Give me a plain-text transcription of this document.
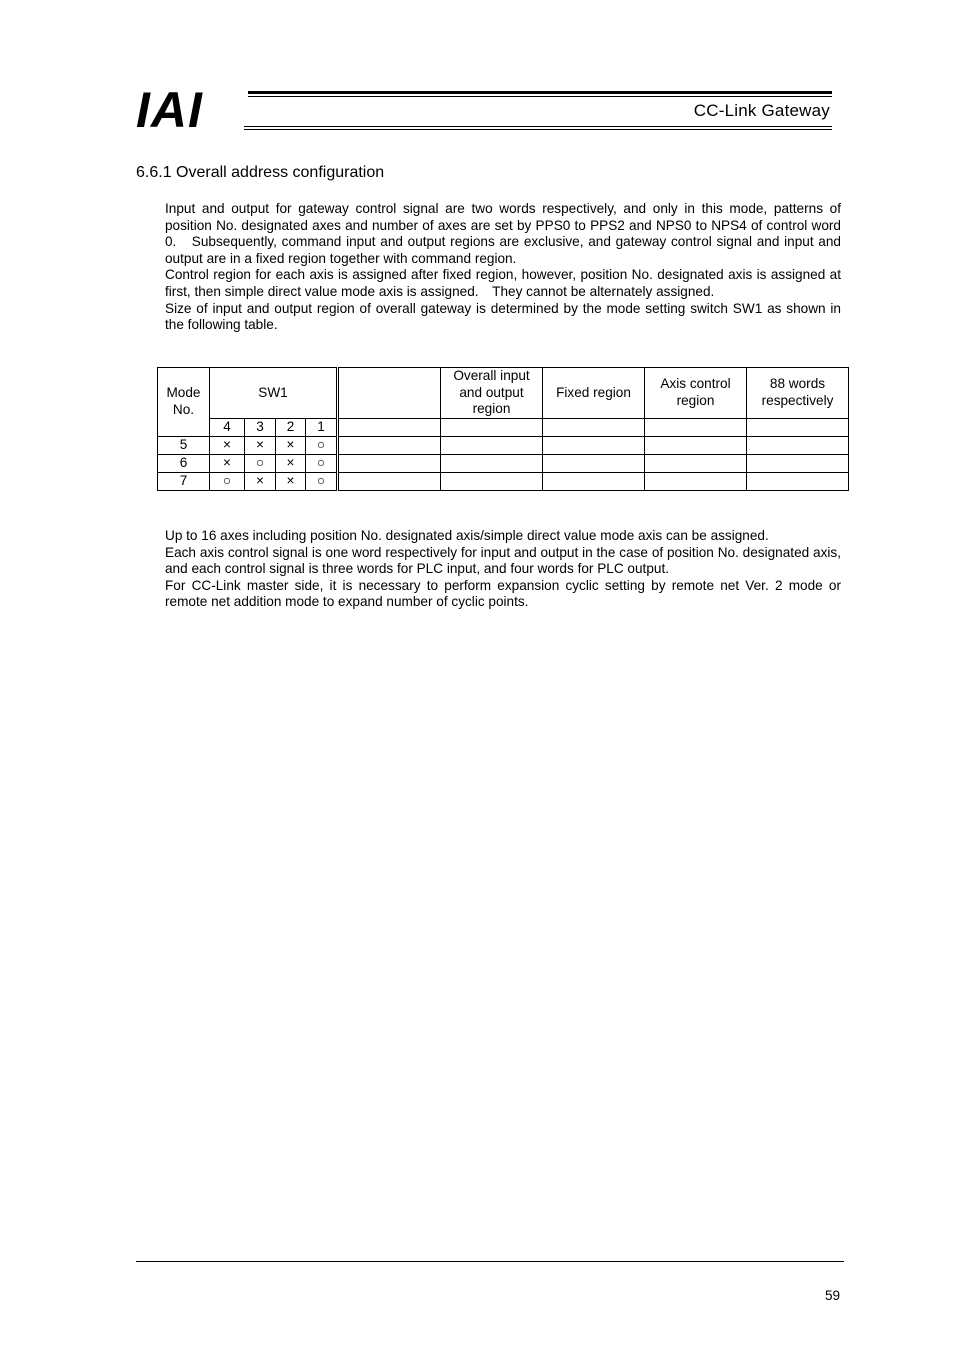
IAI	CC-Link Gateway
6.6.1 Overall address configuration

Input and output for gateway control signal are two words respectively, and only in this mode, patterns of position No. designated axes and number of axes are set by PPS0 to PPS2 and NPS0 to NPS4 of control word 0.　Subsequently, command input and output regions are exclusive, and gateway control signal and input and output are in a fixed region together with command region.

Control region for each axis is assigned after fixed region, however, position No. designated axis is assigned at first, then simple direct value mode axis is assigned.　They cannot be alternately assigned.

Size of input and output region of overall gateway is determined by the mode setting switch SW1 as shown in the following table.

Mode
No.	SW1					Overall input
and output
region	Fixed region	Axis control
region	88 words
respectively
	4	3	2	1					
5	×	×	×	○					
6	×	○	×	○					
7	○	×	×	○					

Up to 16 axes including position No. designated axis/simple direct value mode axis can be assigned.

Each axis control signal is one word respectively for input and output in the case of position No. designated axis, and each control signal is three words for PLC input, and four words for PLC output.

For CC-Link master side, it is necessary to perform expansion cyclic setting by remote net Ver. 2 mode or remote net addition mode to expand number of cyclic points.

59
